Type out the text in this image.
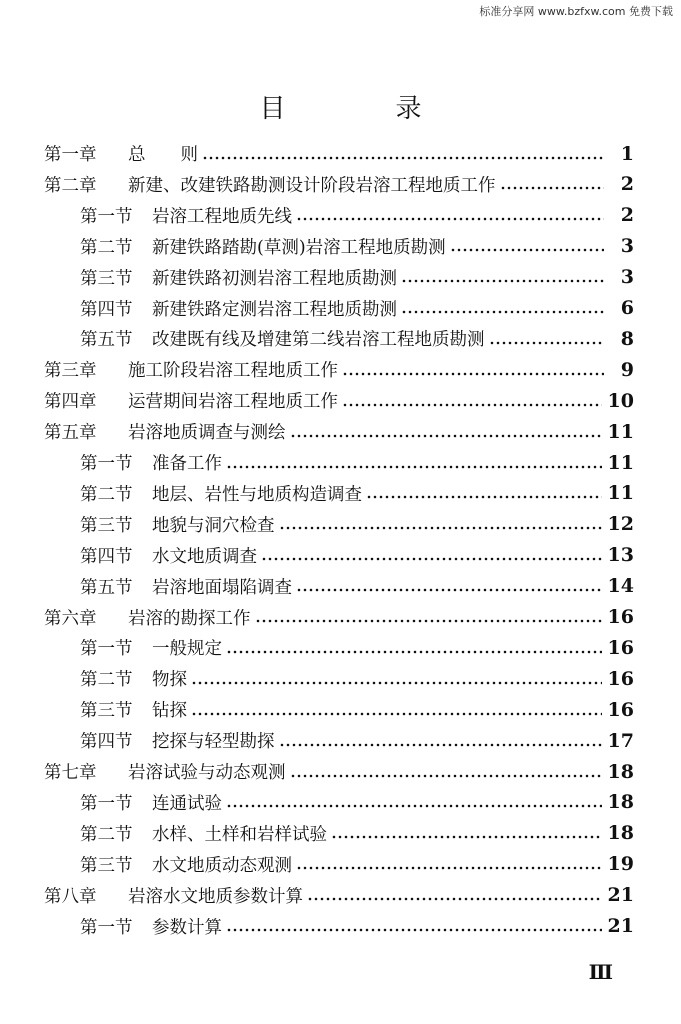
标准分享网 www.bzfxw.com 免费下载
目	录
第一章	总　　则	1
第二章	新建、改建铁路勘测设计阶段岩溶工程地质工作	2
第一节	岩溶工程地质先线	2
第二节	新建铁路踏勘(草测)岩溶工程地质勘测	3
第三节	新建铁路初测岩溶工程地质勘测	3
第四节	新建铁路定测岩溶工程地质勘测	6
第五节	改建既有线及增建第二线岩溶工程地质勘测	8
第三章	施工阶段岩溶工程地质工作	9
第四章	运营期间岩溶工程地质工作	10
第五章	岩溶地质调查与测绘	11
第一节	准备工作	11
第二节	地层、岩性与地质构造调查	11
第三节	地貌与洞穴检查	12
第四节	水文地质调查	13
第五节	岩溶地面塌陷调查	14
第六章	岩溶的勘探工作	16
第一节	一般规定	16
第二节	物探	16
第三节	钻探	16
第四节	挖探与轻型勘探	17
第七章	岩溶试验与动态观测	18
第一节	连通试验	18
第二节	水样、土样和岩样试验	18
第三节	水文地质动态观测	19
第八章	岩溶水文地质参数计算	21
第一节	参数计算	21
Ⅲ
